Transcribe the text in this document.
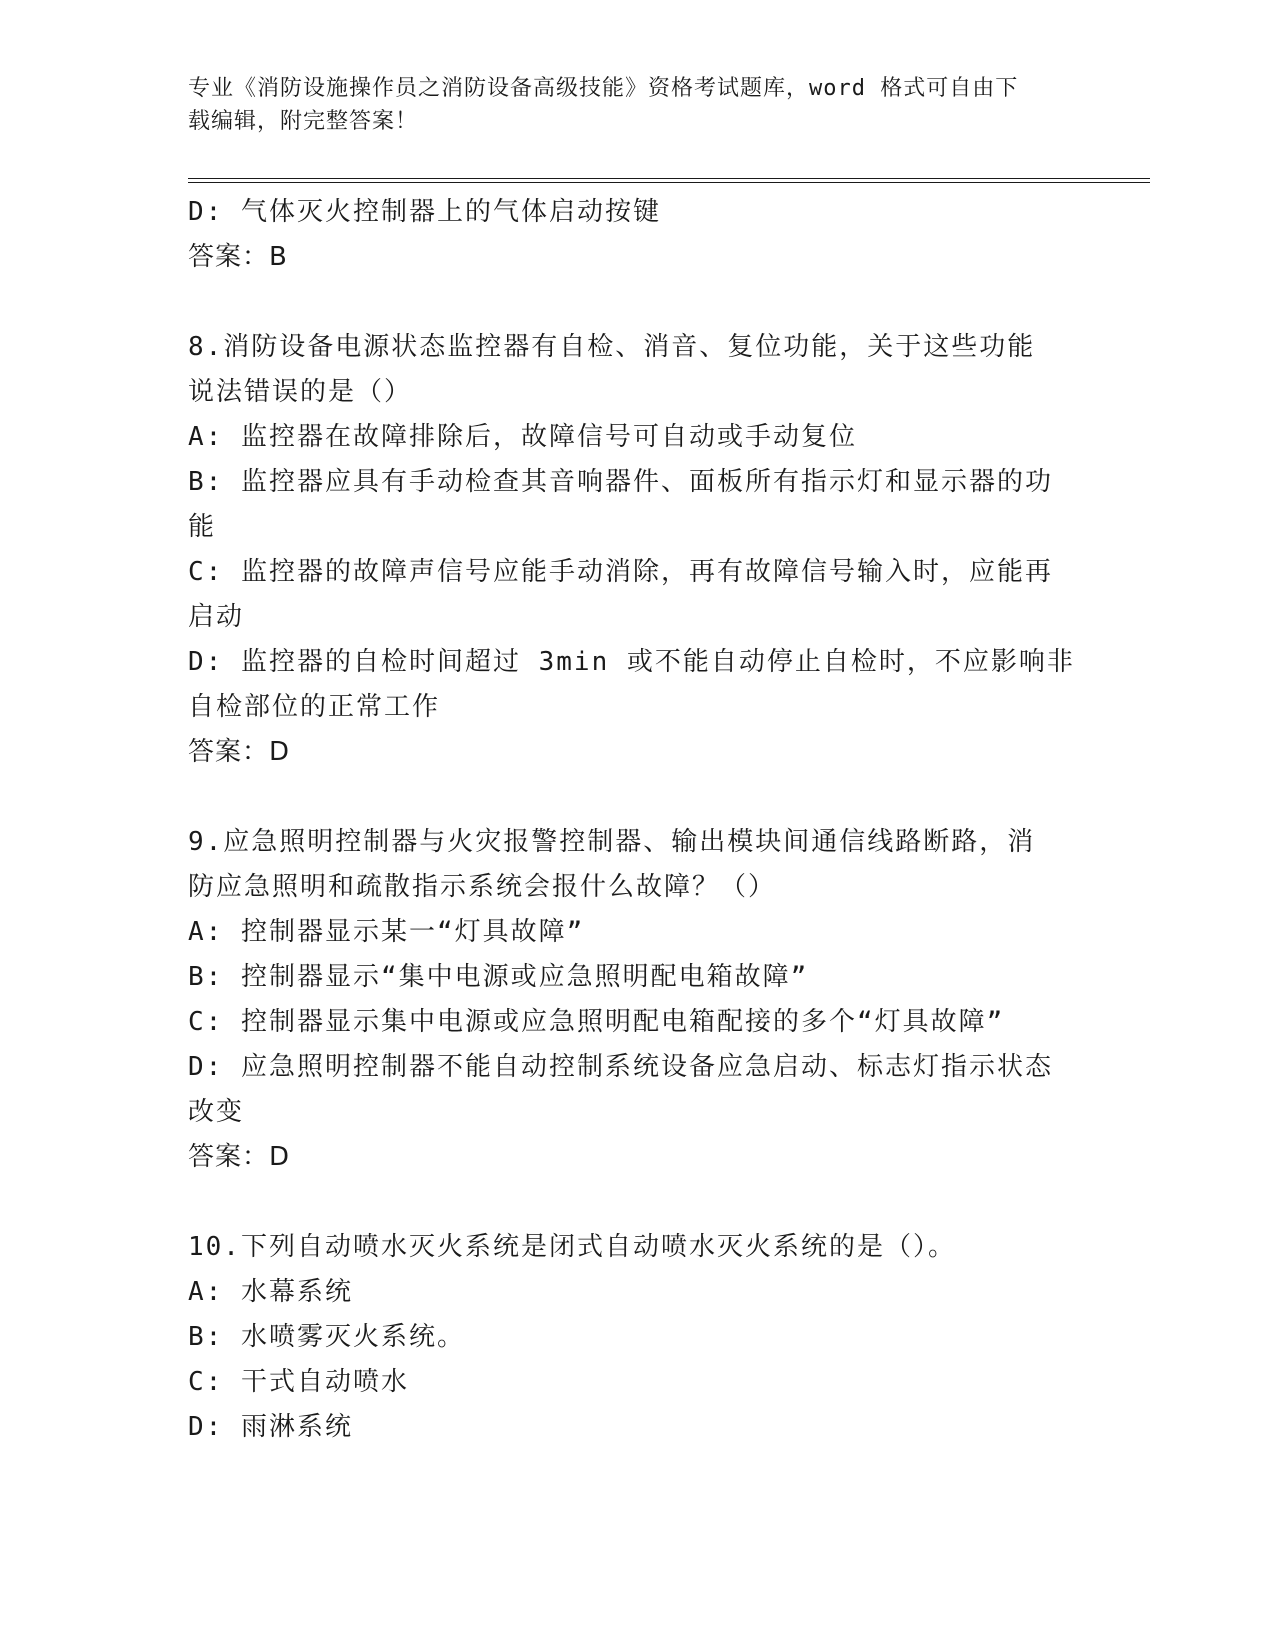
专业《消防设施操作员之消防设备高级技能》资格考试题库，word 格式可自由下

载编辑，附完整答案！

D: 气体灭火控制器上的气体启动按键

答案：B

8.消防设备电源状态监控器有自检、消音、复位功能，关于这些功能

说法错误的是（）

A: 监控器在故障排除后，故障信号可自动或手动复位

B: 监控器应具有手动检查其音响器件、面板所有指示灯和显示器的功

能

C: 监控器的故障声信号应能手动消除，再有故障信号输入时，应能再

启动

D: 监控器的自检时间超过 3min 或不能自动停止自检时，不应影响非

自检部位的正常工作

答案：D

9.应急照明控制器与火灾报警控制器、输出模块间通信线路断路，消

防应急照明和疏散指示系统会报什么故障？（）

A: 控制器显示某一“灯具故障”

B: 控制器显示“集中电源或应急照明配电箱故障”

C: 控制器显示集中电源或应急照明配电箱配接的多个“灯具故障”

D: 应急照明控制器不能自动控制系统设备应急启动、标志灯指示状态

改变

答案：D

10.下列自动喷水灭火系统是闭式自动喷水灭火系统的是（）。

A: 水幕系统

B: 水喷雾灭火系统。

C: 干式自动喷水

D: 雨淋系统
